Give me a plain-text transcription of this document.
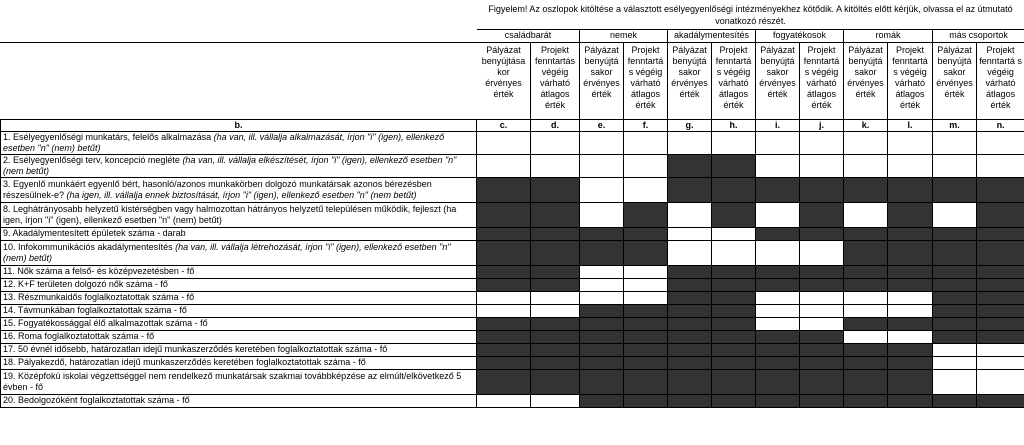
	Figyelem! Az oszlopok kitöltése a választott esélyegyenlőségi intézményekhez kötődik. A kitöltés előtt kérjük, olvassa el az útmutató vonatkozó részét.											
	családbarát		nemek		akadálymentesítés		fogyatékosok		romák		más csoportok	
	Pályázat benyújtása kor érvényes érték	Projekt fenntartás végéig várható átlagos érték	Pályázat benyújtá sakor érvényes érték	Projekt fenntartá s végéig várható átlagos érték	Pályázat benyújtá sakor érvényes érték	Projekt fenntartá s végéig várható átlagos érték	Pályázat benyújtá sakor érvényes érték	Projekt fenntartá s végéig várható átlagos érték	Pályázat benyújtá sakor érvényes érték	Projekt fenntartá s végéig várható átlagos érték	Pályázat benyújtá sakor érvényes érték	Projekt fenntartá s végéig várható átlagos érték
b.	c.	d.	e.	f.	g.	h.	i.	j.	k.	l.	m.	n.
1. Esélyegyenlőségi munkatárs, felelős alkalmazása (ha van, ill. vállalja alkalmazását, írjon "i" (igen), ellenkező esetben "n" (nem) betűt)												
2. Esélyegyenlőségi terv, koncepció megléte (ha van, ill. vállalja elkészítését, írjon "i" (igen), ellenkező esetben "n" (nem betűt)												
3. Egyenlő munkáért egyenlő bért, hasonló/azonos munkakörben dolgozó munkatársak azonos bérezésben részesülnek-e? (ha igen, ill. vállalja ennek biztosítását, írjon "i" (igen), ellenkező esetben "n" (nem betűt)												
8. Leghátrányosabb helyzetű kistérségben vagy halmozottan hátrányos helyzetű településen működik, fejleszt (ha igen, írjon "i" (igen), ellenkező esetben "n" (nem) betűt)												
9. Akadálymentesített épületek száma - darab												
10. Infokommunikációs akadálymentesítés (ha van, ill. vállalja létrehozását, írjon "i" (igen), ellenkező esetben "n" (nem) betűt)												
11. Nők száma a felső- és középvezetésben - fő												
12. K+F területen dolgozó nők száma - fő												
13. Részmunkaidős foglalkoztatottak száma - fő												
14. Távmunkában foglalkoztatottak száma - fő												
15. Fogyatékossággal élő alkalmazottak száma - fő												
16. Roma foglalkoztatottak száma - fő												
17. 50 évnél idősebb, határozatlan idejű munkaszerződés keretében foglalkoztatottak száma - fő												
18. Pályakezdő, határozatlan idejű munkaszerződés keretében foglalkoztatottak száma - fő												
19. Középfokú iskolai végzettséggel nem rendelkező munkatársak szakmai továbbképzése az elmúlt/elkövetkező 5 évben - fő												
20. Bedolgozóként foglalkoztatottak száma - fő												
